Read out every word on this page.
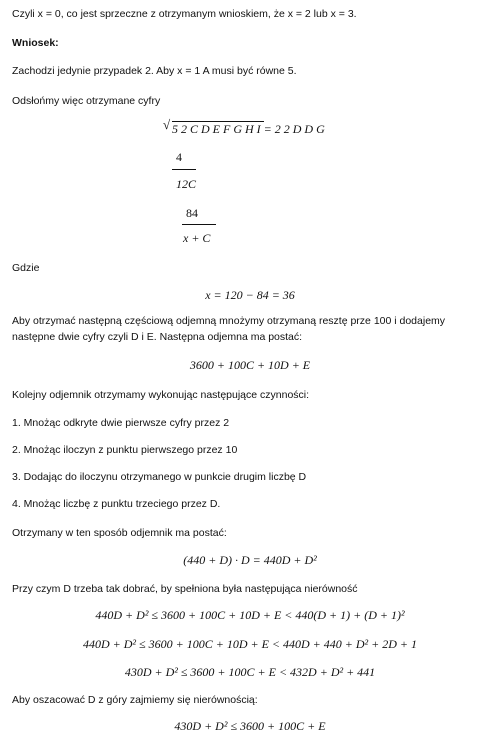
Czyli x = 0, co jest sprzeczne z otrzymanym wnioskiem, że x = 2 lub x = 3.
Wniosek:
Zachodzi jedynie przypadek 2. Aby x = 1 A musi być równe 5.
Odsłońmy więc otrzymane cyfry
√ 5 2 C D E F G H I = 2 2 D D G
4
12C
84
x + C
Gdzie
x = 120 − 84 = 36
Aby otrzymać następną częściową odjemną mnożymy otrzymaną resztę prze 100 i dodajemy
następne dwie cyfry czyli D i E. Następna odjemna ma postać:
3600 + 100C + 10D + E
Kolejny odjemnik otrzymamy wykonując następujące czynności:
1. Mnożąc odkryte dwie pierwsze cyfry przez 2
2. Mnożąc iloczyn z punktu pierwszego przez 10
3. Dodając do iloczynu otrzymanego w punkcie drugim liczbę D
4. Mnożąc liczbę z punktu trzeciego przez D.
Otrzymany w ten sposób odjemnik ma postać:
(440 + D) · D = 440D + D²
Przy czym D trzeba tak dobrać, by spełniona była następująca nierówność
440D + D² ≤ 3600 + 100C + 10D + E < 440(D + 1) + (D + 1)²
440D + D² ≤ 3600 + 100C + 10D + E < 440D + 440 + D² + 2D + 1
430D + D² ≤ 3600 + 100C + E < 432D + D² + 441
Aby oszacować D z góry zajmiemy się nierównością:
430D + D² ≤ 3600 + 100C + E
